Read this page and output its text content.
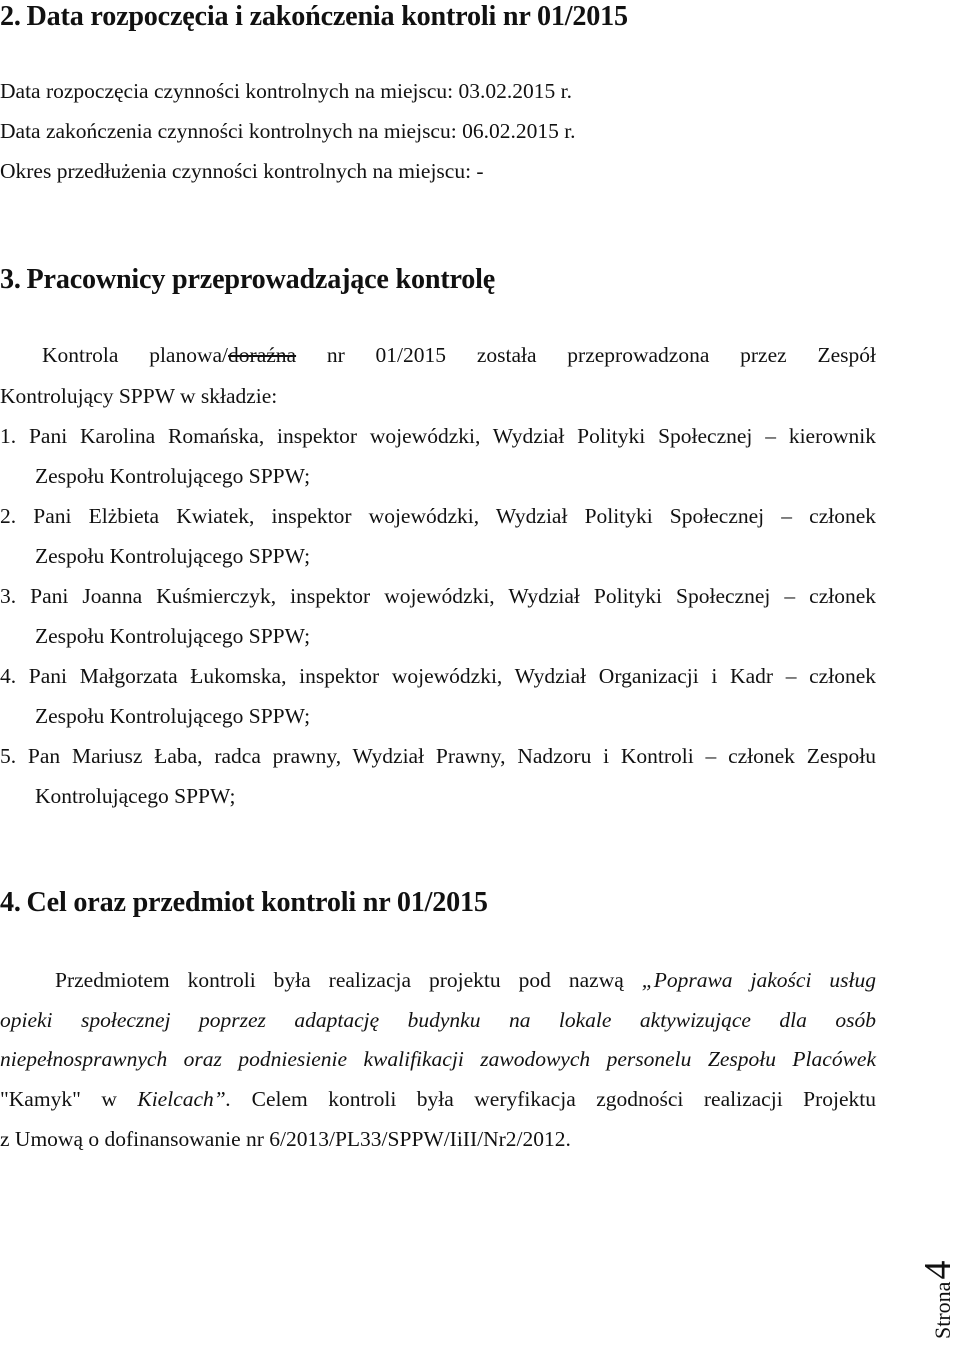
2. Data rozpoczęcia i zakończenia kontroli nr 01/2015
Data rozpoczęcia czynności kontrolnych na miejscu: 03.02.2015 r.
Data zakończenia czynności kontrolnych na miejscu: 06.02.2015 r.
Okres przedłużenia czynności kontrolnych na miejscu: -
3. Pracownicy przeprowadzające kontrolę
Kontrola planowa/doraźna nr 01/2015 została przeprowadzona przez Zespół
Kontrolujący SPPW w składzie:
1. Pani Karolina Romańska, inspektor wojewódzki, Wydział Polityki Społecznej – kierownik
Zespołu Kontrolującego SPPW;
2. Pani Elżbieta Kwiatek, inspektor wojewódzki, Wydział Polityki Społecznej – członek
Zespołu Kontrolującego SPPW;
3. Pani Joanna Kuśmierczyk, inspektor wojewódzki, Wydział Polityki Społecznej – członek
Zespołu Kontrolującego SPPW;
4. Pani Małgorzata Łukomska, inspektor wojewódzki, Wydział Organizacji i Kadr – członek
Zespołu Kontrolującego SPPW;
5. Pan Mariusz Łaba, radca prawny, Wydział Prawny, Nadzoru i Kontroli – członek Zespołu
Kontrolującego SPPW;
4. Cel oraz przedmiot kontroli nr 01/2015
Przedmiotem kontroli była realizacja projektu pod nazwą „Poprawa jakości usług
opieki społecznej poprzez adaptację budynku na lokale aktywizujące dla osób
niepełnosprawnych oraz podniesienie kwalifikacji zawodowych personelu Zespołu Placówek
"Kamyk" w Kielcach”. Celem kontroli była weryfikacja zgodności realizacji Projektu
z Umową o dofinansowanie nr 6/2013/PL33/SPPW/IiII/Nr2/2012.
Strona4
